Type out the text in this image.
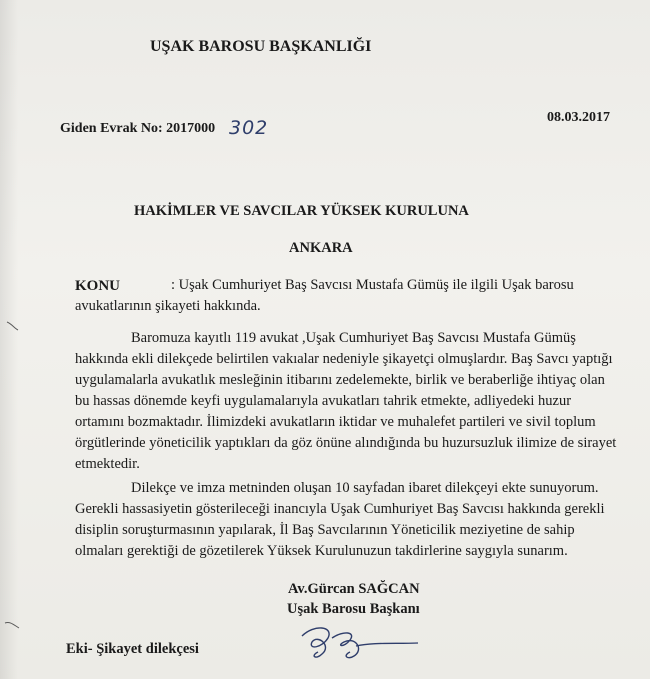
UŞAK BAROSU BAŞKANLIĞI
Giden Evrak No: 2017000 302	08.03.2017
HAKİMLER VE SAVCILAR YÜKSEK KURULUNA
ANKARA
KONU	: Uşak Cumhuriyet Baş Savcısı Mustafa Gümüş ile ilgili Uşak barosu
avukatlarının şikayeti hakkında.
Baromuza kayıtlı 119 avukat ,Uşak Cumhuriyet Baş Savcısı Mustafa Gümüş
hakkında ekli dilekçede belirtilen vakıalar nedeniyle şikayetçi olmuşlardır. Baş Savcı yaptığı
uygulamalarla avukatlık mesleğinin itibarını zedelemekte, birlik ve beraberliğe ihtiyaç olan
bu hassas dönemde keyfi uygulamalarıyla avukatları tahrik etmekte, adliyedeki huzur
ortamını bozmaktadır. İlimizdeki avukatların iktidar ve muhalefet partileri ve sivil toplum
örgütlerinde yöneticilik yaptıkları da göz önüne alındığında bu huzursuzluk ilimize de sirayet
etmektedir.
Dilekçe ve imza metninden oluşan 10 sayfadan ibaret dilekçeyi ekte sunuyorum.
Gerekli hassasiyetin gösterileceği inancıyla Uşak Cumhuriyet Baş Savcısı hakkında gerekli
disiplin soruşturmasının yapılarak, İl Baş Savcılarının Yöneticilik meziyetine de sahip
olmaları gerektiği de gözetilerek Yüksek Kurulunuzun takdirlerine saygıyla sunarım.
Av.Gürcan SAĞCAN
Uşak Barosu Başkanı
Eki- Şikayet dilekçesi
